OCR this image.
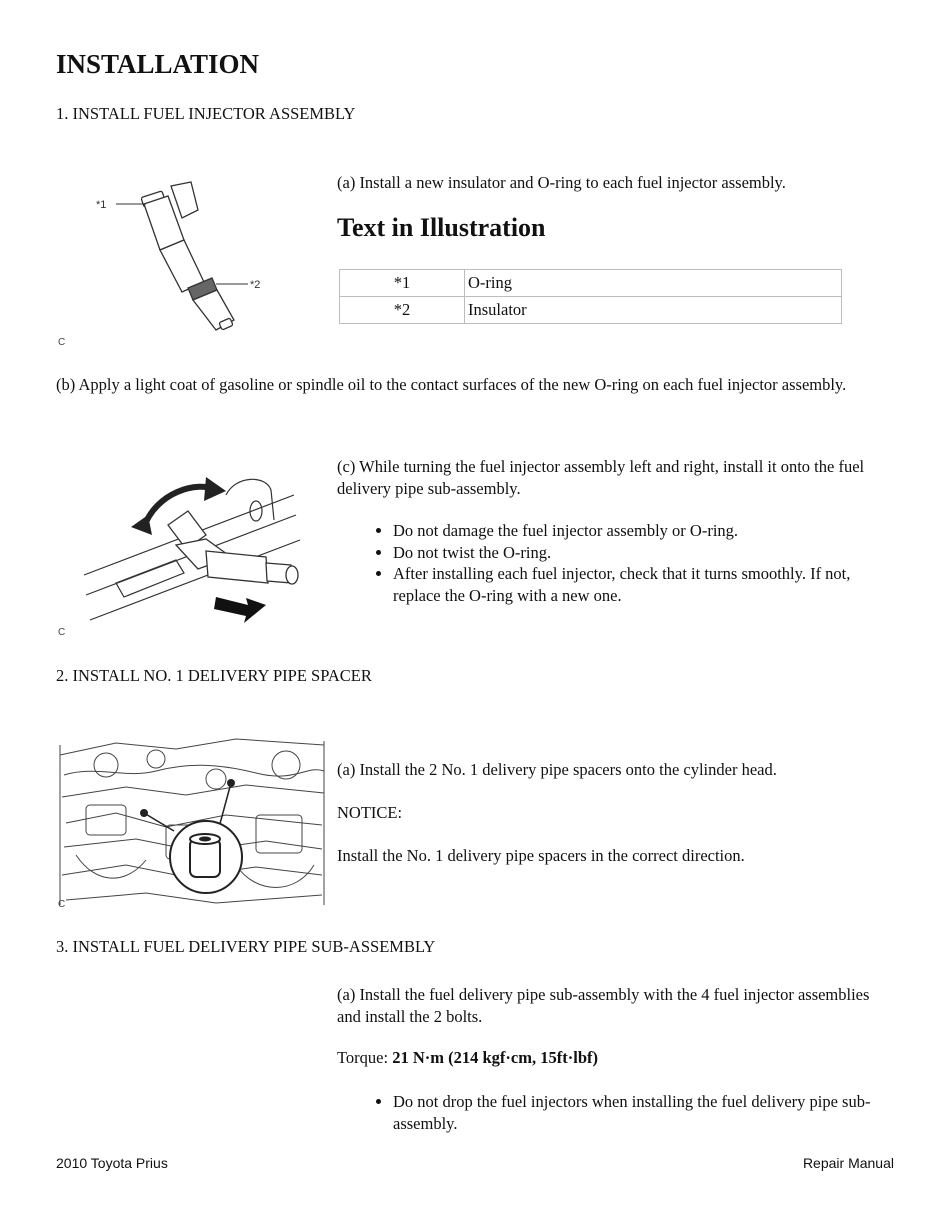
INSTALLATION
1. INSTALL FUEL INJECTOR ASSEMBLY
*1
*2
C
(a) Install a new insulator and O-ring to each fuel injector assembly.
Text in Illustration
*1	O-ring
*2	Insulator
(b) Apply a light coat of gasoline or spindle oil to the contact surfaces of the new O-ring on each fuel injector assembly.
C
(c) While turning the fuel injector assembly left and right, install it onto the fuel delivery pipe sub-assembly.
• Do not damage the fuel injector assembly or O-ring.
• Do not twist the O-ring.
• After installing each fuel injector, check that it turns smoothly. If not, replace the O-ring with a new one.
2. INSTALL NO. 1 DELIVERY PIPE SPACER
C
(a) Install the 2 No. 1 delivery pipe spacers onto the cylinder head.
NOTICE:
Install the No. 1 delivery pipe spacers in the correct direction.
3. INSTALL FUEL DELIVERY PIPE SUB-ASSEMBLY
(a) Install the fuel delivery pipe sub-assembly with the 4 fuel injector assemblies and install the 2 bolts.
Torque: 21 N·m (214 kgf·cm, 15ft·lbf)
• Do not drop the fuel injectors when installing the fuel delivery pipe sub-assembly.
2010 Toyota Prius	Repair Manual
